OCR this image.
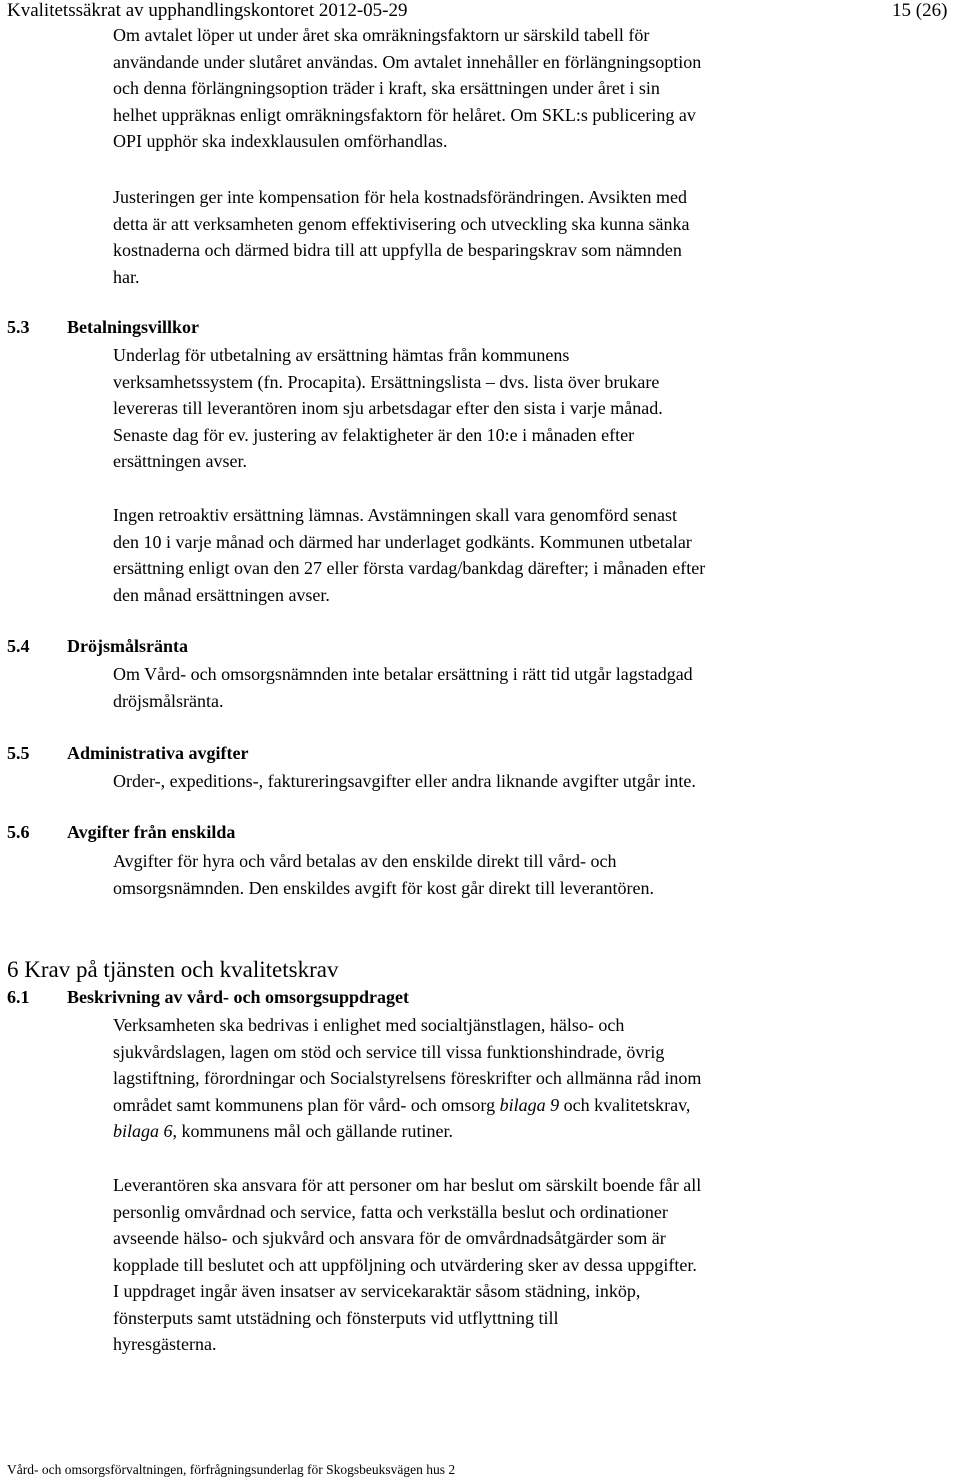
Kvalitetssäkrat av upphandlingskontoret 2012-05-29	15 (26)

Om avtalet löper ut under året ska omräkningsfaktorn ur särskild tabell för

användande under slutåret användas. Om avtalet innehåller en förlängningsoption

och denna förlängningsoption träder i kraft, ska ersättningen under året i sin

helhet uppräknas enligt omräkningsfaktorn för helåret. Om SKL:s publicering av

OPI upphör ska indexklausulen omförhandlas.

Justeringen ger inte kompensation för hela kostnadsförändringen. Avsikten med

detta är att verksamheten genom effektivisering och utveckling ska kunna sänka

kostnaderna och därmed bidra till att uppfylla de besparingskrav som nämnden

har.

5.3 Betalningsvillkor

Underlag för utbetalning av ersättning hämtas från kommunens

verksamhetssystem (fn. Procapita). Ersättningslista – dvs. lista över brukare

levereras till leverantören inom sju arbetsdagar efter den sista i varje månad.

Senaste dag för ev. justering av felaktigheter är den 10:e i månaden efter

ersättningen avser.

Ingen retroaktiv ersättning lämnas. Avstämningen skall vara genomförd senast

den 10 i varje månad och därmed har underlaget godkänts. Kommunen utbetalar

ersättning enligt ovan den 27 eller första vardag/bankdag därefter; i månaden efter

den månad ersättningen avser.

5.4 Dröjsmålsränta

Om Vård- och omsorgsnämnden inte betalar ersättning i rätt tid utgår lagstadgad

dröjsmålsränta.

5.5 Administrativa avgifter

Order-, expeditions-, faktureringsavgifter eller andra liknande avgifter utgår inte.

5.6 Avgifter från enskilda

Avgifter för hyra och vård betalas av den enskilde direkt till vård- och

omsorgsnämnden. Den enskildes avgift för kost går direkt till leverantören.

6 Krav på tjänsten och kvalitetskrav
6.1 Beskrivning av vård- och omsorgsuppdraget

Verksamheten ska bedrivas i enlighet med socialtjänstlagen, hälso- och

sjukvårdslagen, lagen om stöd och service till vissa funktionshindrade, övrig

lagstiftning, förordningar och Socialstyrelsens föreskrifter och allmänna råd inom

området samt kommunens plan för vård- och omsorg bilaga 9 och kvalitetskrav,

bilaga 6, kommunens mål och gällande rutiner.

Leverantören ska ansvara för att personer om har beslut om särskilt boende får all

personlig omvårdnad och service, fatta och verkställa beslut och ordinationer

avseende hälso- och sjukvård och ansvara för de omvårdnadsåtgärder som är

kopplade till beslutet och att uppföljning och utvärdering sker av dessa uppgifter.

I uppdraget ingår även insatser av servicekaraktär såsom städning, inköp,

fönsterputs samt utstädning och fönsterputs vid utflyttning till

hyresgästerna.

Vård- och omsorgsförvaltningen, förfrågningsunderlag för Skogsbeuksvägen hus 2
